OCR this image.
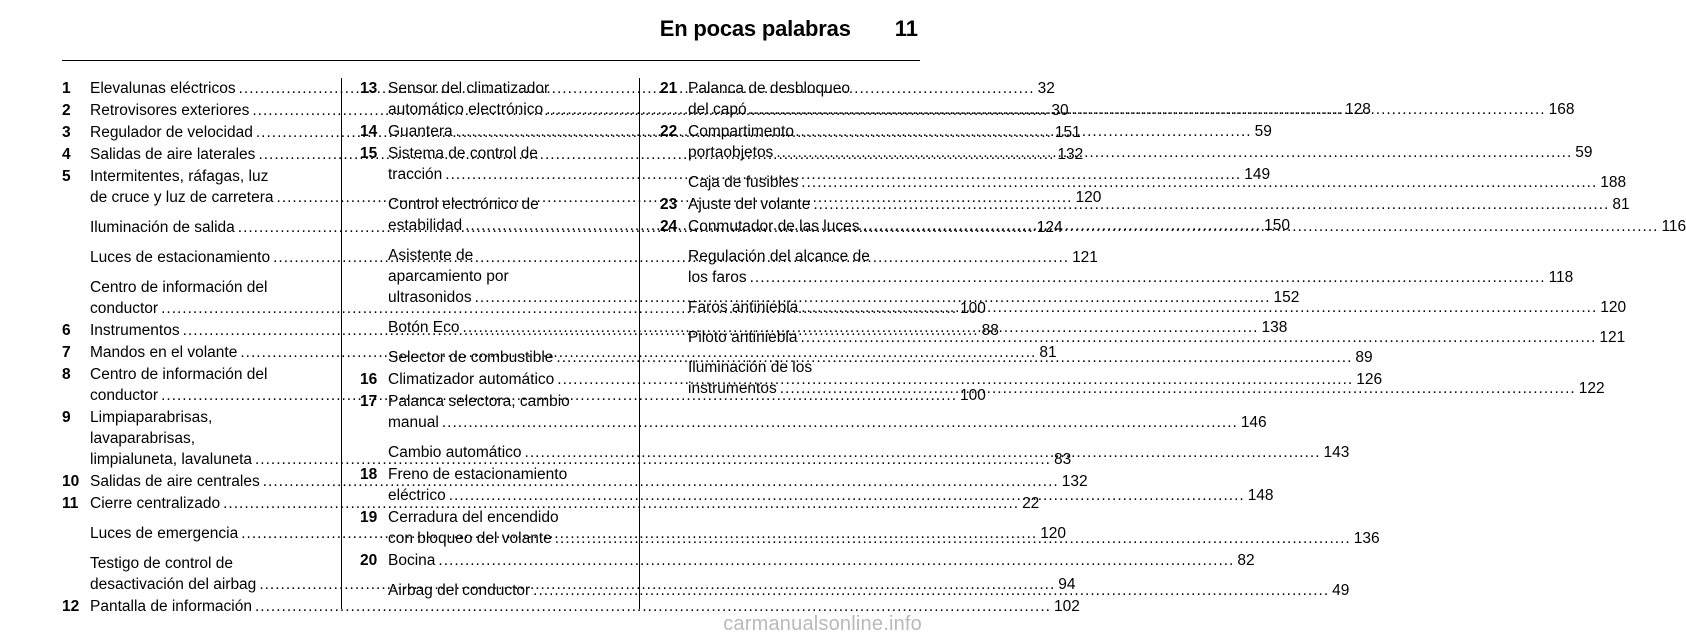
En pocas palabras 11
1	Elevalunas eléctricos .....	32
2	Retrovisores exteriores .....	30
3	Regulador de velocidad .....	151
4	Salidas de aire laterales .....	132
5	Intermitentes, ráfagas, luz
de cruce y luz de carretera .....	120
Iluminación de salida .....	124
Luces de estacionamiento .....	121
Centro de información del
conductor .....	100
6	Instrumentos .....	88
7	Mandos en el volante .....	81
8	Centro de información del
conductor .....	100
9	Limpiaparabrisas,
lavaparabrisas,
limpialuneta, lavaluneta .....	83
10 Salidas de aire centrales .....	132
11 Cierre centralizado .....	22
Luces de emergencia .....	120
Testigo de control de
desactivación del airbag .....	94
12 Pantalla de información .....	102
13 Sensor del climatizador
automático electrónico .....	128
14 Guantera .....	59
15 Sistema de control de
tracción .....	149
Control electrónico de
estabilidad .....	150
Asistente de
aparcamiento por
ultrasonidos .....	152
Botón Eco .....	138
Selector de combustible .....	89
16 Climatizador automático .....	126
17 Palanca selectora, cambio
manual .....	146
Cambio automático .....	143
18 Freno de estacionamiento
eléctrico .....	148
19 Cerradura del encendido
con bloqueo del volante .....	136
20 Bocina .....	82
Airbag del conductor .....	49
21 Palanca de desbloqueo
del capó .....	168
22 Compartimento
portaobjetos .....	59
Caja de fusibles .....	188
23 Ajuste del volante .....	81
24 Conmutador de las luces .....	116
Regulación del alcance de
los faros .....	118
Faros antiniebla .....	120
Piloto antiniebla .....	121
Iluminación de los
instrumentos .....	122
carmanualsonline.info
